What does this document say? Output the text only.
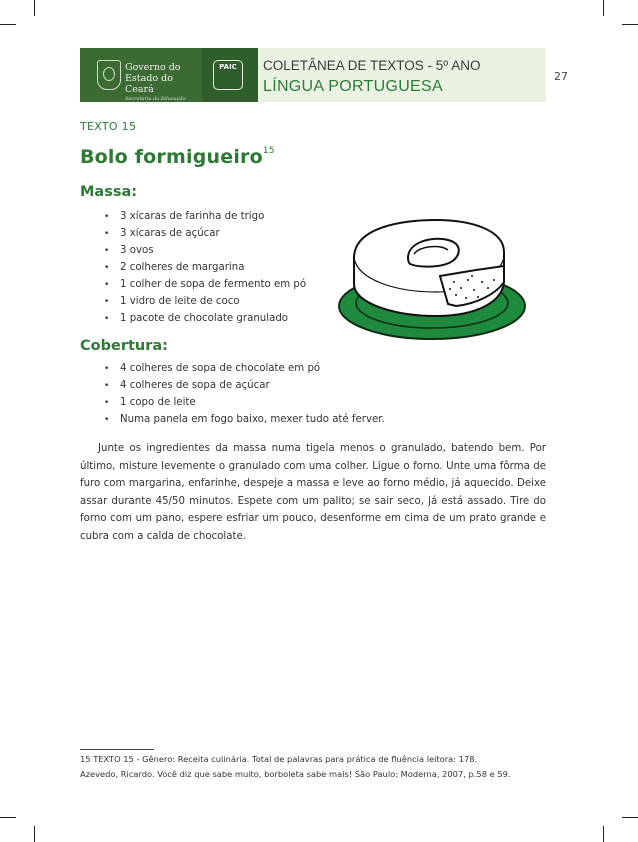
Governo do
Estado do Ceará
Secretaria da Educação
PAIC	COLETÂNEA DE TEXTOS - 5º ANO
LÍNGUA PORTUGUESA
27
TEXTO 15
Bolo formigueiro$^{15}$
Massa:
• 3 xícaras de farinha de trigo
• 3 xícaras de açúcar
• 3 ovos
• 2 colheres de margarina
• 1 colher de sopa de fermento em pó
• 1 vidro de leite de coco
• 1 pacote de chocolate granulado
Cobertura:
• 4 colheres de sopa de chocolate em pó
• 4 colheres de sopa de açúcar
• 1 copo de leite
• Numa panela em fogo baixo, mexer tudo até ferver.

Junte os ingredientes da massa numa tigela menos o granulado, batendo bem. Por último, misture levemente o granulado com uma colher. Ligue o forno. Unte uma fôrma de furo com margarina, enfarinhe, despeje a massa e leve ao forno médio, já aquecido. Deixe assar durante 45/50 minutos. Espete com um palito; se sair seco, já está assado. Tire do forno com um pano, espere esfriar um pouco, desenforme em cima de um prato grande e cubra com a calda de chocolate.

15 TEXTO 15 - Gênero: Receita culinária. Total de palavras para prática de fluência leitora: 178.
Azevedo, Ricardo. Você diz que sabe muito, borboleta sabe mais! São Paulo: Moderna, 2007, p.58 e 59.
